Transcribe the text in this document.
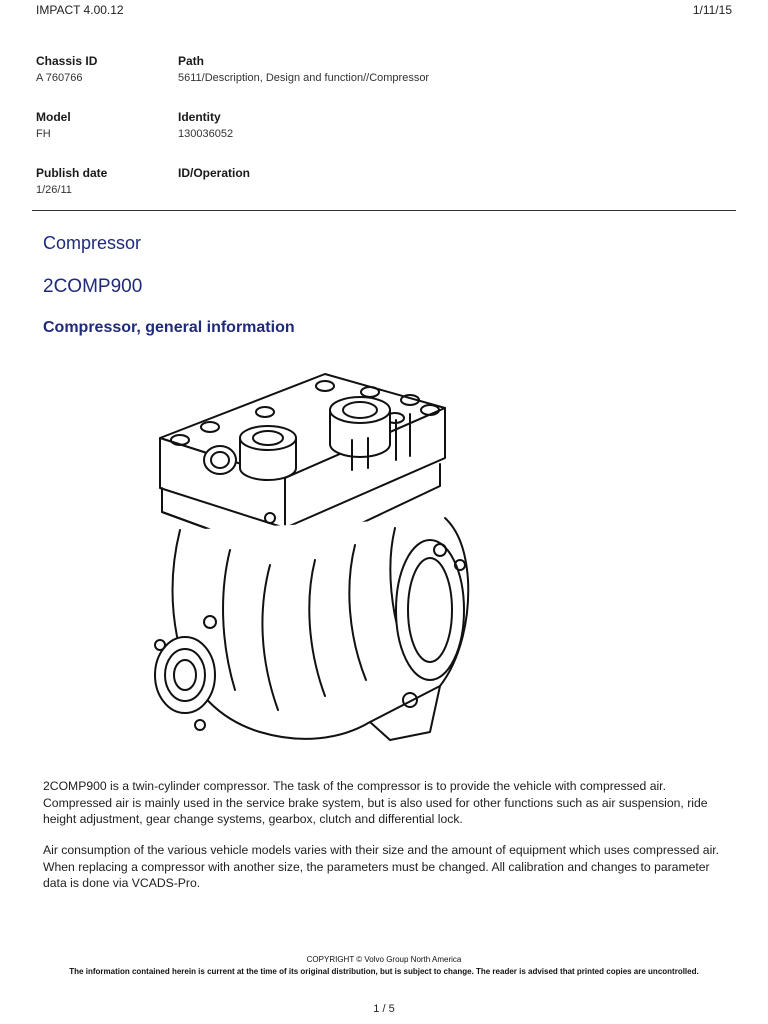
IMPACT 4.00.12	1/11/15
Chassis ID
A 760766
Path
5611/Description, Design and function//Compressor
Model
FH
Identity
130036052
Publish date
1/26/11
ID/Operation
Compressor
2COMP900
Compressor, general information
2COMP900 is a twin-cylinder compressor. The task of the compressor is to provide the vehicle with compressed air. Compressed air is mainly used in the service brake system, but is also used for other functions such as air suspension, ride height adjustment, gear change systems, gearbox, clutch and differential lock.
Air consumption of the various vehicle models varies with their size and the amount of equipment which uses compressed air. When replacing a compressor with another size, the parameters must be changed. All calibration and changes to parameter data is done via VCADS-Pro.
COPYRIGHT © Volvo Group North America
The information contained herein is current at the time of its original distribution, but is subject to change. The reader is advised that printed copies are uncontrolled.
1 / 5
